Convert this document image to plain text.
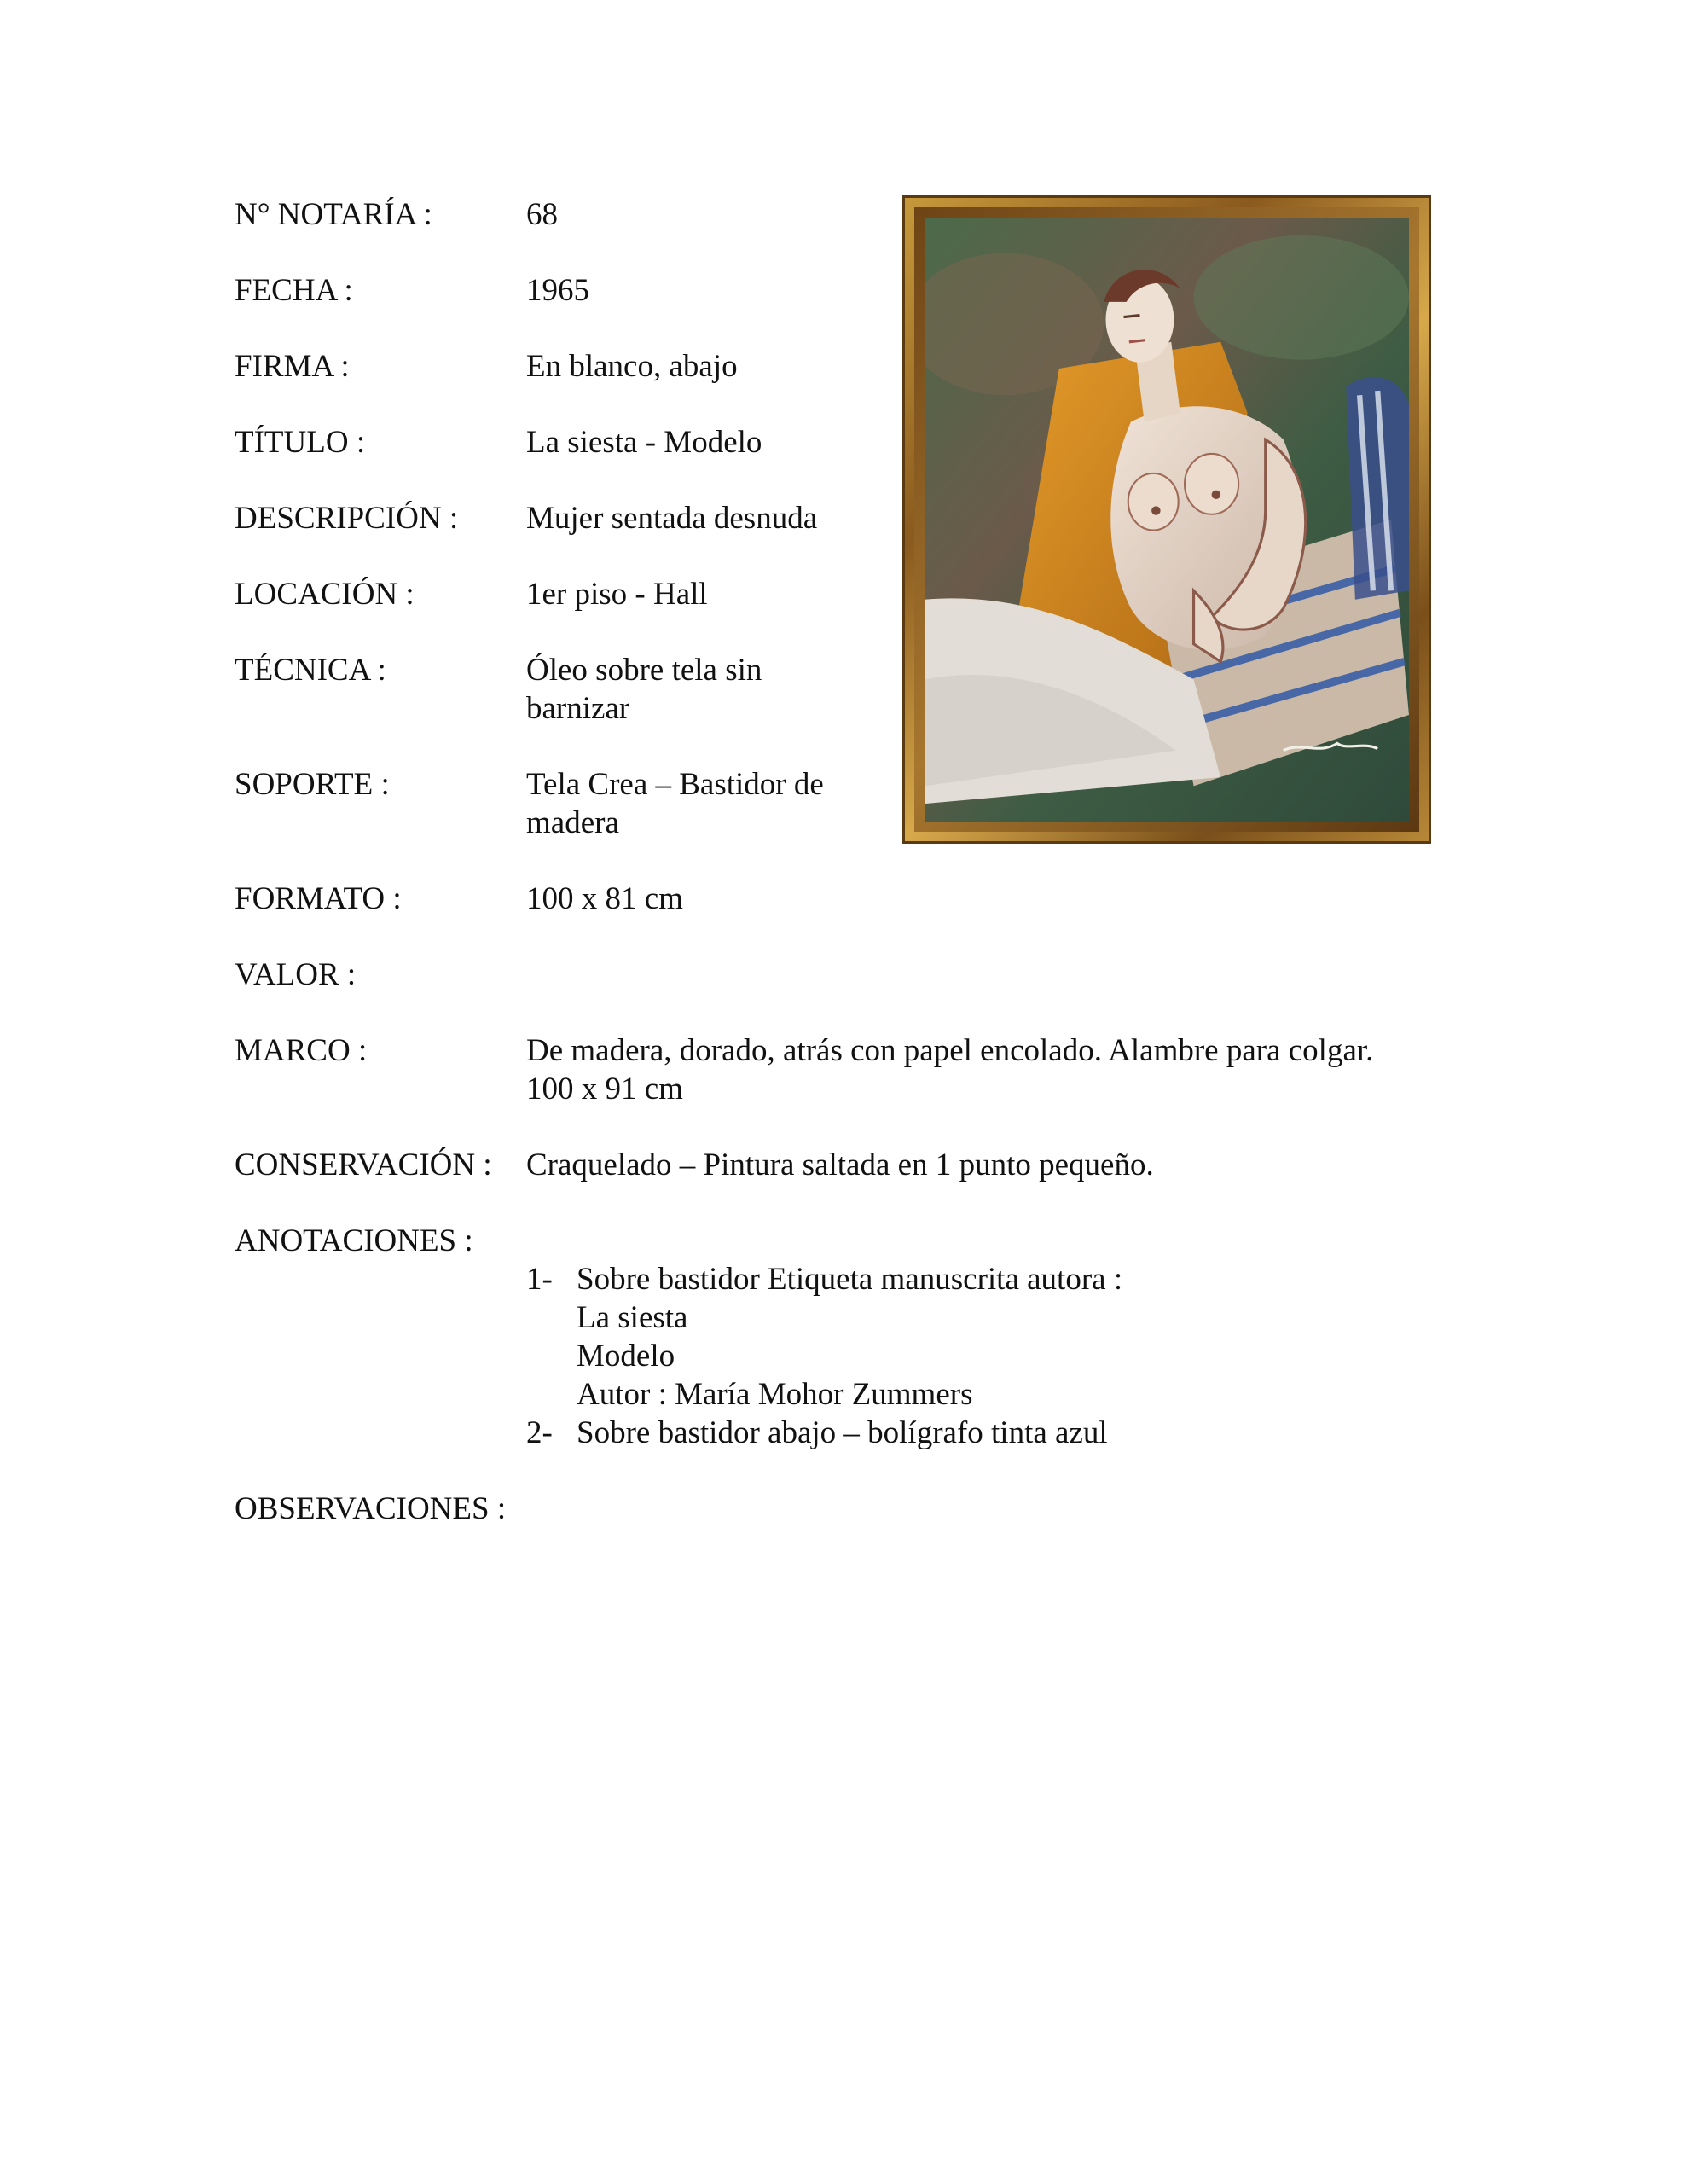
N° NOTARÍA :	68
FECHA :	1965
FIRMA :	En blanco, abajo
TÍTULO :	La siesta - Modelo
DESCRIPCIÓN : Mujer sentada desnuda
LOCACIÓN :	1er piso - Hall
TÉCNICA :	Óleo sobre tela sin barnizar
SOPORTE :	Tela Crea – Bastidor de madera
FORMATO :	100 x 81 cm
VALOR :
MARCO :	De madera, dorado, atrás con papel encolado. Alambre para colgar.
100 x 91 cm
CONSERVACIÓN : Craquelado – Pintura saltada en 1 punto pequeño.
ANOTACIONES :
1- Sobre bastidor Etiqueta manuscrita autora :
La siesta
Modelo
Autor : María Mohor Zummers
2- Sobre bastidor abajo – bolígrafo tinta azul
OBSERVACIONES :
